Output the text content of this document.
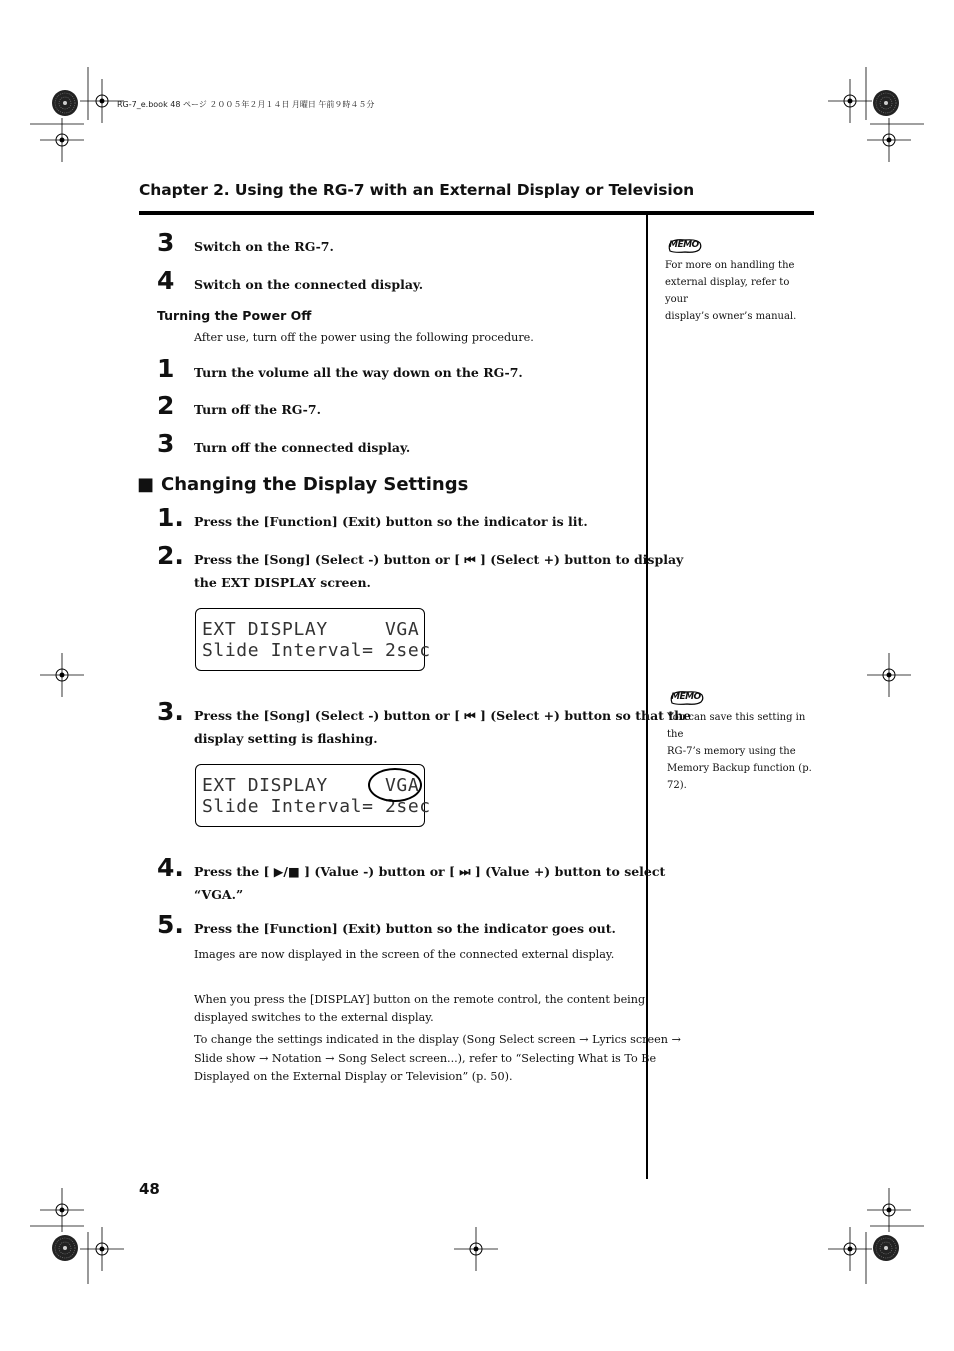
RG-7_e.book 48 ページ ２００５年２月１４日 月曜日 午前９時４５分
Chapter 2. Using the RG-7 with an External Display or Television
3 Switch on the RG-7.
4 Switch on the connected display.
Turning the Power Off
After use, turn off the power using the following procedure.
1 Turn the volume all the way down on the RG-7.
2 Turn off the RG-7.
3 Turn off the connected display.
■ Changing the Display Settings
1. Press the [Function] (Exit) button so the indicator is lit.
2. Press the [Song] (Select -) button or [ ⏮ ] (Select +) button to display
the EXT DISPLAY screen.
EXT DISPLAY     VGA
Slide Interval= 2sec
3. Press the [Song] (Select -) button or [ ⏮ ] (Select +) button so that the
display setting is flashing.
EXT DISPLAY     VGA
Slide Interval= 2sec
4. Press the [ ▶/■ ] (Value -) button or [ ⏭ ] (Value +) button to select
“VGA.”
5. Press the [Function] (Exit) button so the indicator goes out.
Images are now displayed in the screen of the connected external display.
When you press the [DISPLAY] button on the remote control, the content being
displayed switches to the external display.
To change the settings indicated in the display (Song Select screen → Lyrics screen →
Slide show → Notation → Song Select screen...), refer to “Selecting What is To Be
Displayed on the External Display or Television” (p. 50).
MEMO
For more on handling the
external display, refer to your
display’s owner’s manual.
MEMO
You can save this setting in the
RG-7’s memory using the
Memory Backup function (p.
72).
48
